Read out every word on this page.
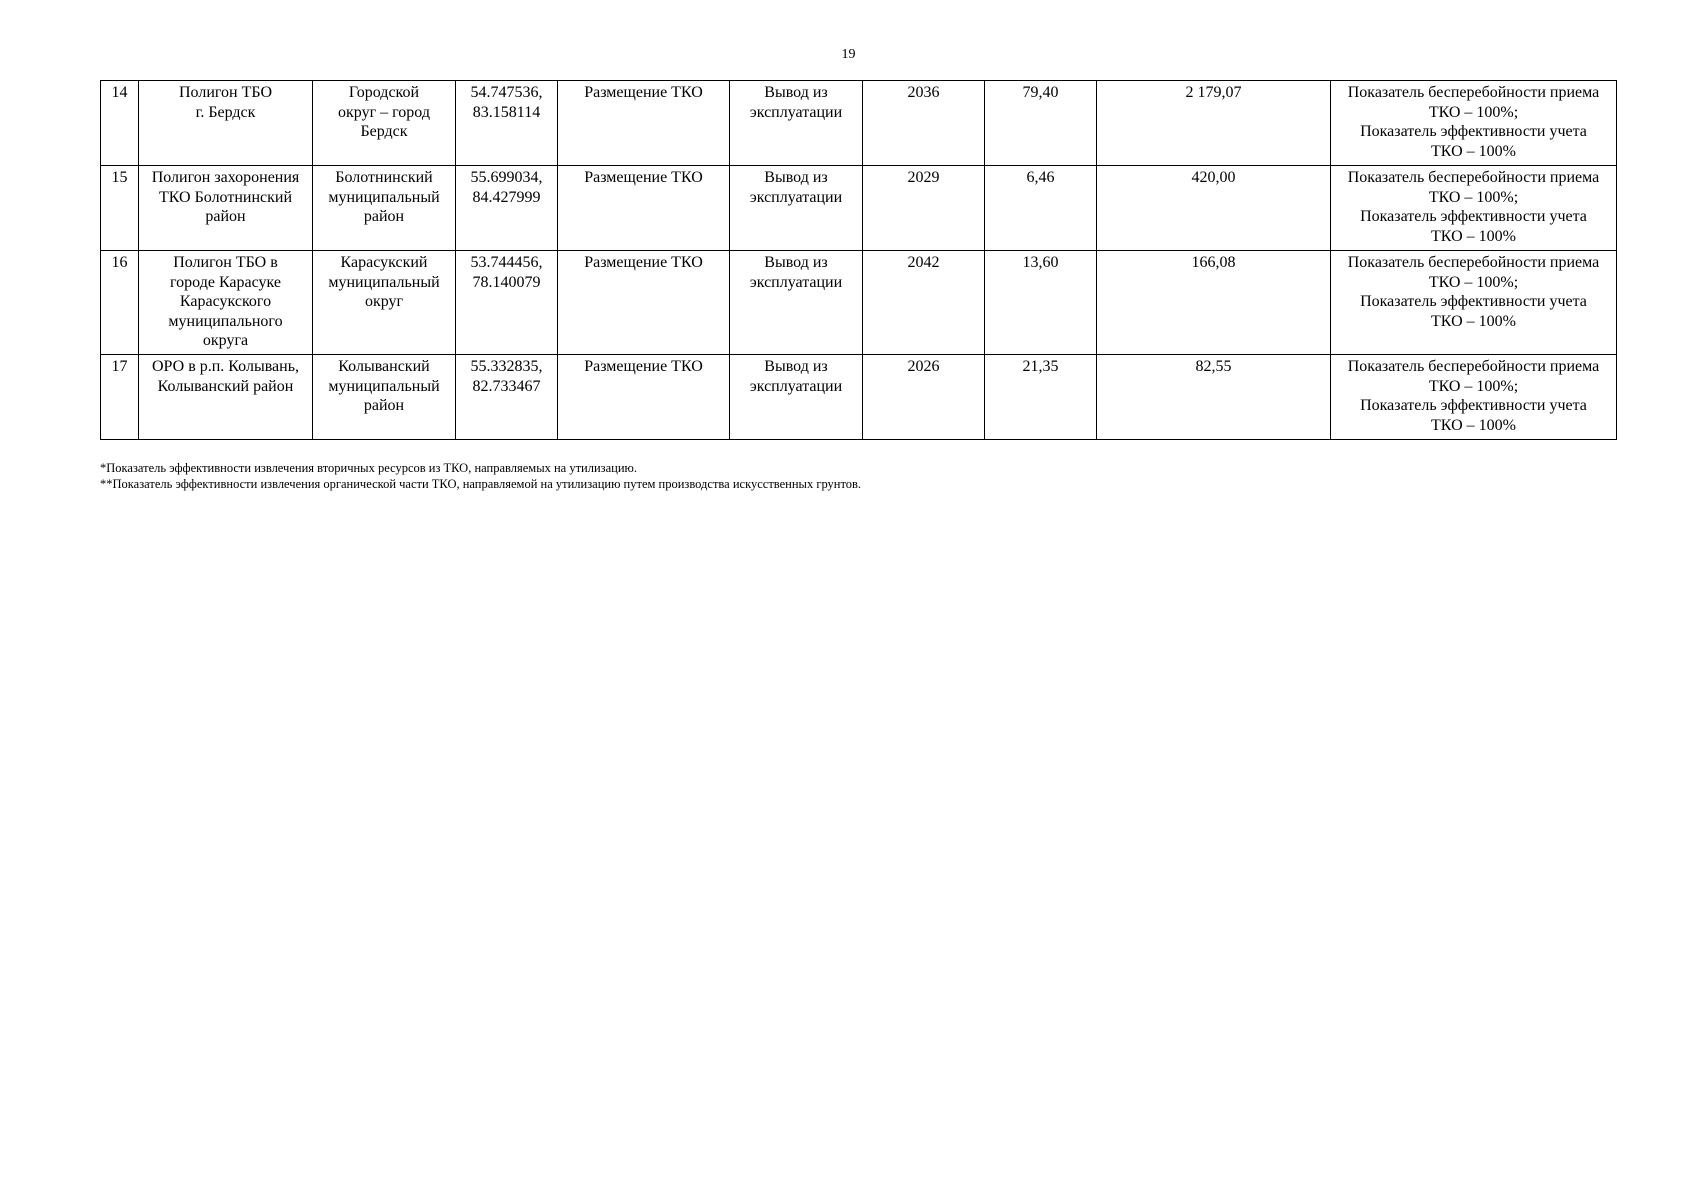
19
14	Полигон ТБО
г. Бердск	Городской
округ – город
Бердск	54.747536,
83.158114	Размещение ТКО	Вывод из
эксплуатации	2036	79,40	2 179,07	Показатель бесперебойности приема
ТКО – 100%;
Показатель эффективности учета
ТКО – 100%

15	Полигон захоронения
ТКО Болотнинский
район	Болотнинский
муниципальный
район	55.699034,
84.427999	Размещение ТКО	Вывод из
эксплуатации	2029	6,46	420,00	Показатель бесперебойности приема
ТКО – 100%;
Показатель эффективности учета
ТКО – 100%

16	Полигон ТБО в
городе Карасуке
Карасукского
муниципального
округа	Карасукский
муниципальный
округ	53.744456,
78.140079	Размещение ТКО	Вывод из
эксплуатации	2042	13,60	166,08	Показатель бесперебойности приема
ТКО – 100%;
Показатель эффективности учета
ТКО – 100%

17	ОРО в р.п. Колывань,
Колыванский район	Колыванский
муниципальный
район	55.332835,
82.733467	Размещение ТКО	Вывод из
эксплуатации	2026	21,35	82,55	Показатель бесперебойности приема
ТКО – 100%;
Показатель эффективности учета
ТКО – 100%
*Показатель эффективности извлечения вторичных ресурсов из ТКО, направляемых на утилизацию.
**Показатель эффективности извлечения органической части ТКО, направляемой на утилизацию путем производства искусственных грунтов.
